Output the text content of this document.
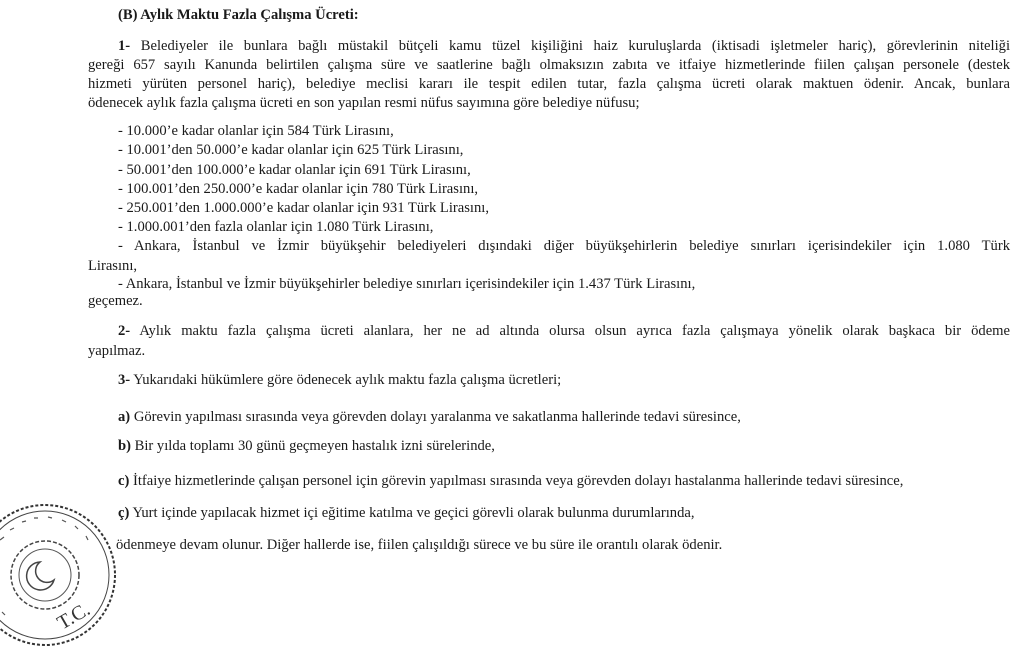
(B) Aylık Maktu Fazla Çalışma Ücreti:
1- Belediyeler ile bunlara bağlı müstakil bütçeli kamu tüzel kişiliğini haiz kuruluşlarda (iktisadi işletmeler hariç), görevlerinin niteliği
gereği 657 sayılı Kanunda belirtilen çalışma süre ve saatlerine bağlı olmaksızın zabıta ve itfaiye hizmetlerinde fiilen çalışan personele (destek
hizmeti yürüten personel hariç), belediye meclisi kararı ile tespit edilen tutar, fazla çalışma ücreti olarak maktuen ödenir. Ancak, bunlara
ödenecek aylık fazla çalışma ücreti en son yapılan resmi nüfus sayımına göre belediye nüfusu;
- 10.000’e kadar olanlar için 584 Türk Lirasını,
- 10.001’den 50.000’e kadar olanlar için 625 Türk Lirasını,
- 50.001’den 100.000’e kadar olanlar için 691 Türk Lirasını,
- 100.001’den 250.000’e kadar olanlar için 780 Türk Lirasını,
- 250.001’den 1.000.000’e kadar olanlar için 931 Türk Lirasını,
- 1.000.001’den fazla olanlar için 1.080 Türk Lirasını,
- Ankara, İstanbul ve İzmir büyükşehir belediyeleri dışındaki diğer büyükşehirlerin belediye sınırları içerisindekiler için 1.080 Türk
Lirasını,
- Ankara, İstanbul ve İzmir büyükşehirler belediye sınırları içerisindekiler için 1.437 Türk Lirasını,
geçemez.
2- Aylık maktu fazla çalışma ücreti alanlara, her ne ad altında olursa olsun ayrıca fazla çalışmaya yönelik olarak başkaca bir ödeme
yapılmaz.
3- Yukarıdaki hükümlere göre ödenecek aylık maktu fazla çalışma ücretleri;
a) Görevin yapılması sırasında veya görevden dolayı yaralanma ve sakatlanma hallerinde tedavi süresince,
b) Bir yılda toplamı 30 günü geçmeyen hastalık izni sürelerinde,
c) İtfaiye hizmetlerinde çalışan personel için görevin yapılması sırasında veya görevden dolayı hastalanma hallerinde tedavi süresince,
ç) Yurt içinde yapılacak hizmet içi eğitime katılma ve geçici görevli olarak bulunma durumlarında,
ödenmeye devam olunur. Diğer hallerde ise, fiilen çalışıldığı sürece ve bu süre ile orantılı olarak ödenir.
T.C.
